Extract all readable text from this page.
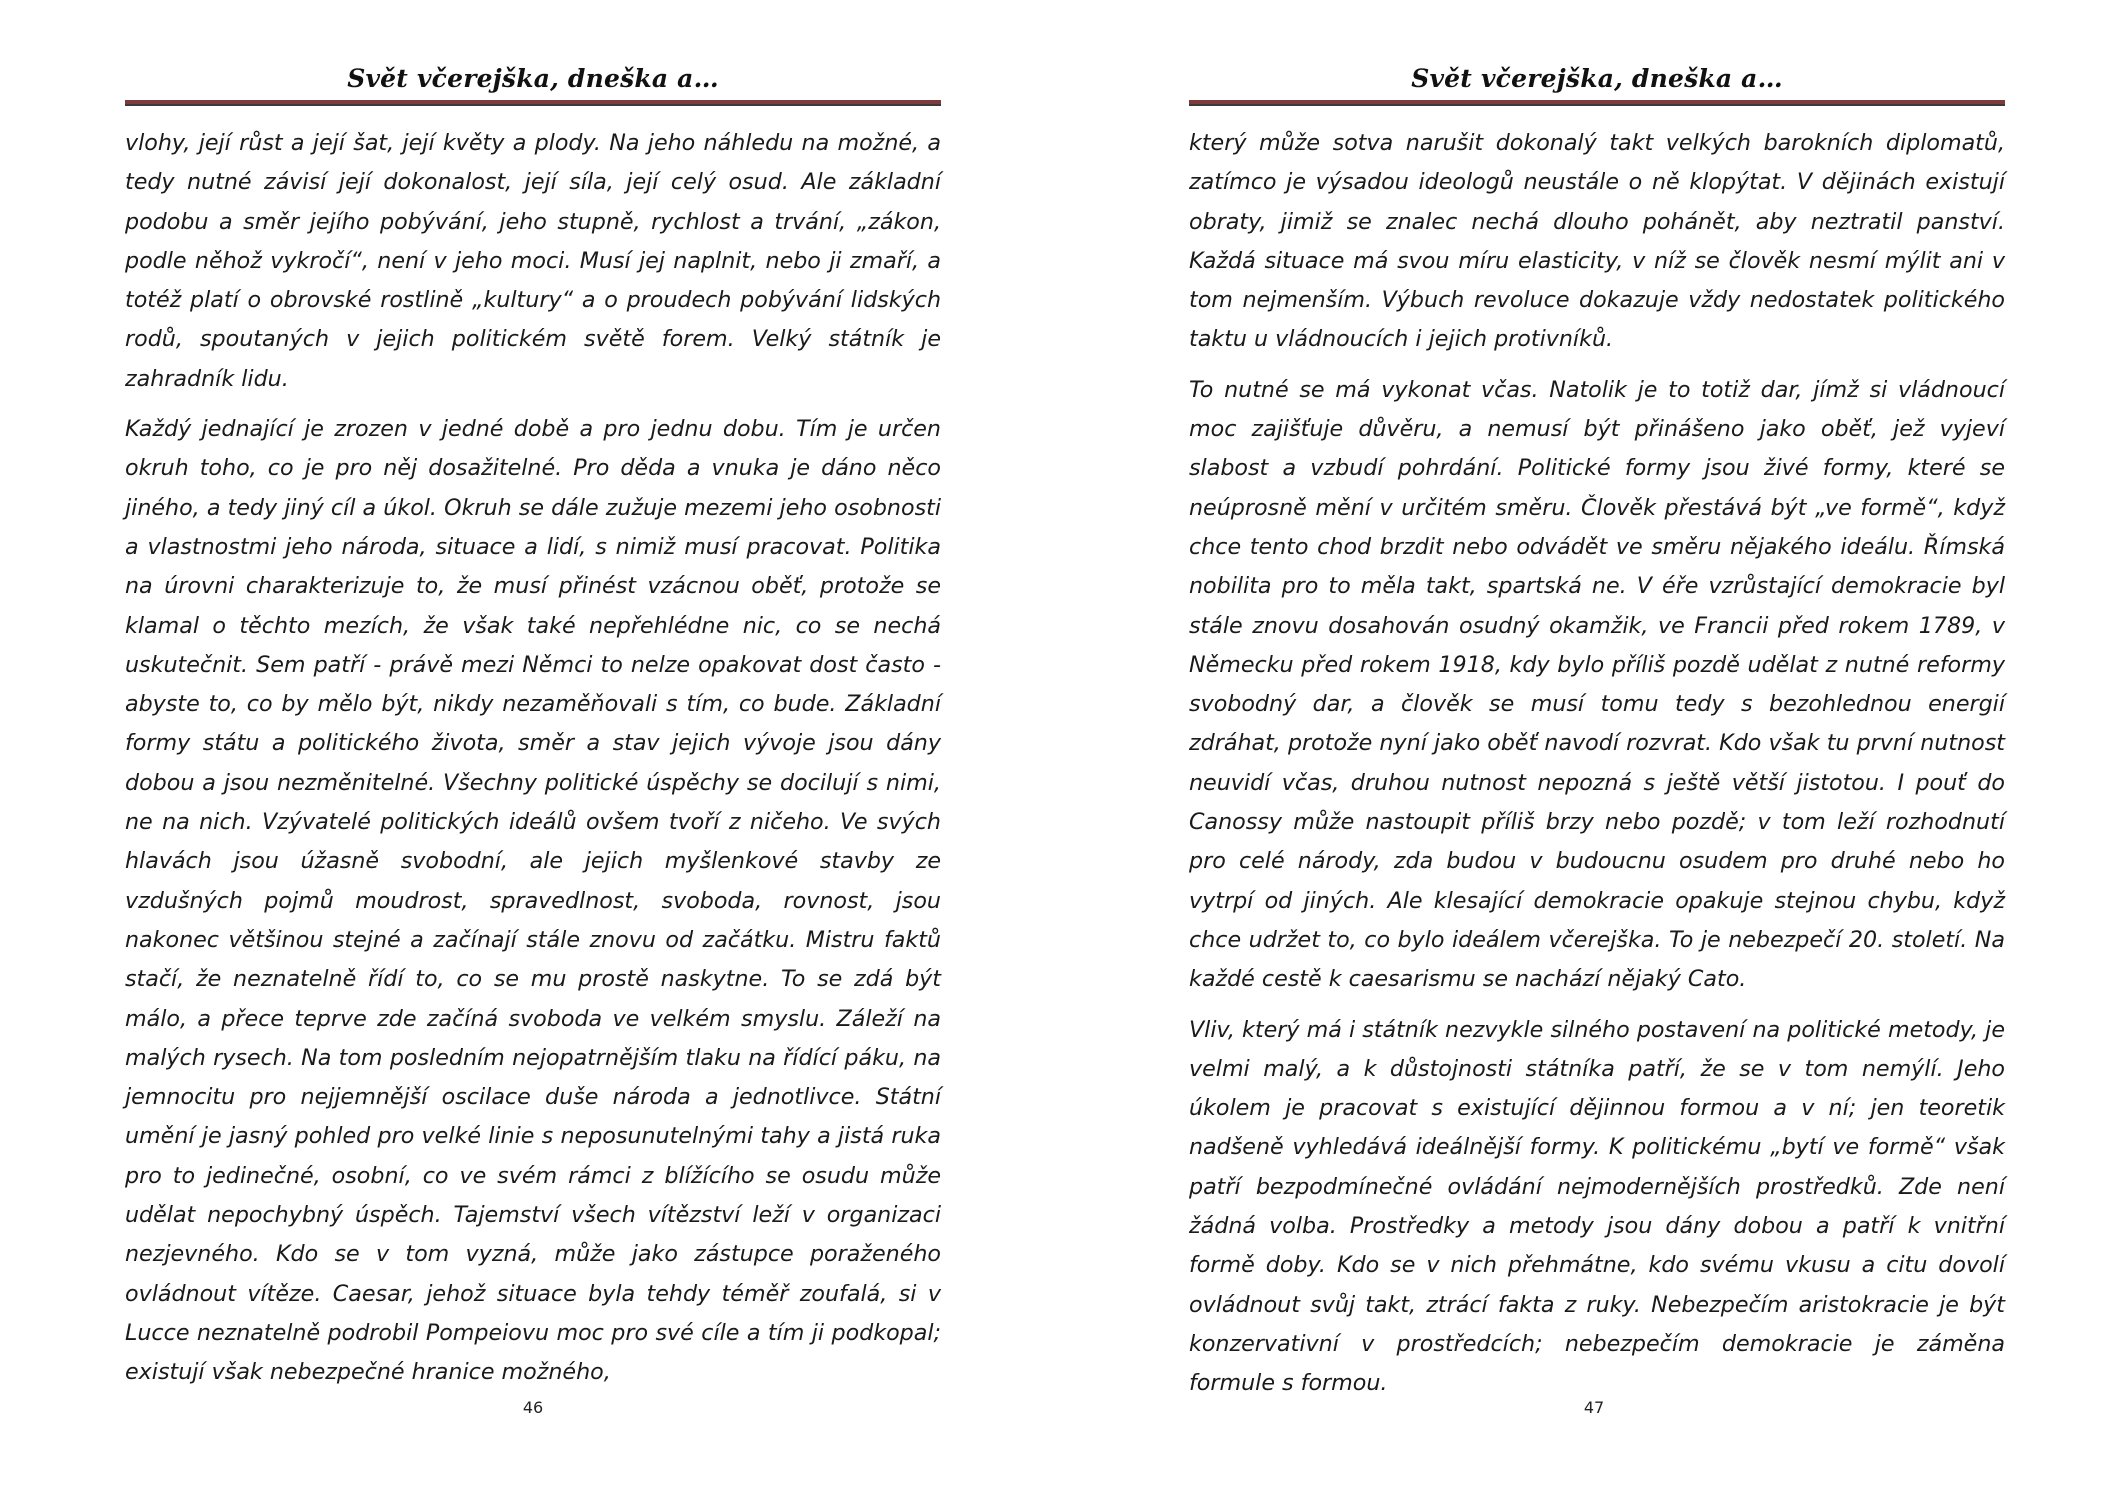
Svět včerejška, dneška a…

vlohy, její růst a její šat, její květy a plody. Na jeho náhledu na možné, a tedy nutné závisí její dokonalost, její síla, její celý osud. Ale základní podobu a směr jejího pobývání, jeho stupně, rychlost a trvání, „zákon, podle něhož vykročí“, není v jeho moci. Musí jej naplnit, nebo ji zmaří, a totéž platí o obrovské rostlině „kultury“ a o proudech pobývání lidských rodů, spoutaných v jejich politickém světě forem. Velký státník je zahradník lidu.

Každý jednající je zrozen v jedné době a pro jednu dobu. Tím je určen okruh toho, co je pro něj dosažitelné. Pro děda a vnuka je dáno něco jiného, a tedy jiný cíl a úkol. Okruh se dále zužuje mezemi jeho osobnosti a vlastnostmi jeho národa, situace a lidí, s nimiž musí pracovat. Politika na úrovni charakterizuje to, že musí přinést vzácnou oběť, protože se klamal o těchto mezích, že však také nepřehlédne nic, co se nechá uskutečnit. Sem patří - právě mezi Němci to nelze opakovat dost často - abyste to, co by mělo být, nikdy nezaměňovali s tím, co bude. Základní formy státu a politického života, směr a stav jejich vývoje jsou dány dobou a jsou nezměnitelné. Všechny politické úspěchy se docilují s nimi, ne na nich. Vzývatelé politických ideálů ovšem tvoří z ničeho. Ve svých hlavách jsou úžasně svobodní, ale jejich myšlenkové stavby ze vzdušných pojmů moudrost, spravedlnost, svoboda, rovnost, jsou nakonec většinou stejné a začínají stále znovu od začátku. Mistru faktů stačí, že neznatelně řídí to, co se mu prostě naskytne. To se zdá být málo, a přece teprve zde začíná svoboda ve velkém smyslu. Záleží na malých rysech. Na tom posledním nejopatrnějším tlaku na řídící páku, na jemnocitu pro nejjemnější oscilace duše národa a jednotlivce. Státní umění je jasný pohled pro velké linie s neposunutelnými tahy a jistá ruka pro to jedinečné, osobní, co ve svém rámci z blížícího se osudu může udělat nepochybný úspěch. Tajemství všech vítězství leží v organizaci nezjevného. Kdo se v tom vyzná, může jako zástupce poraženého ovládnout vítěze. Caesar, jehož situace byla tehdy téměř zoufalá, si v Lucce neznatelně podrobil Pompeiovu moc pro své cíle a tím ji podkopal; existují však nebezpečné hranice možného,

46
Svět včerejška, dneška a…

který může sotva narušit dokonalý takt velkých barokních diplomatů, zatímco je výsadou ideologů neustále o ně klopýtat. V dějinách existují obraty, jimiž se znalec nechá dlouho pohánět, aby neztratil panství. Každá situace má svou míru elasticity, v níž se člověk nesmí mýlit ani v tom nejmenším. Výbuch revoluce dokazuje vždy nedostatek politického taktu u vládnoucích i jejich protivníků.

To nutné se má vykonat včas. Natolik je to totiž dar, jímž si vládnoucí moc zajišťuje důvěru, a nemusí být přinášeno jako oběť, jež vyjeví slabost a vzbudí pohrdání. Politické formy jsou živé formy, které se neúprosně mění v určitém směru. Člověk přestává být „ve formě“, když chce tento chod brzdit nebo odvádět ve směru nějakého ideálu. Římská nobilita pro to měla takt, spartská ne. V éře vzrůstající demokracie byl stále znovu dosahován osudný okamžik, ve Francii před rokem 1789, v Německu před rokem 1918, kdy bylo příliš pozdě udělat z nutné reformy svobodný dar, a člověk se musí tomu tedy s bezohlednou energií zdráhat, protože nyní jako oběť navodí rozvrat. Kdo však tu první nutnost neuvidí včas, druhou nutnost nepozná s ještě větší jistotou. I pouť do Canossy může nastoupit příliš brzy nebo pozdě; v tom leží rozhodnutí pro celé národy, zda budou v budoucnu osudem pro druhé nebo ho vytrpí od jiných. Ale klesající demokracie opakuje stejnou chybu, když chce udržet to, co bylo ideálem včerejška. To je nebezpečí 20. století. Na každé cestě k caesarismu se nachází nějaký Cato.

Vliv, který má i státník nezvykle silného postavení na politické metody, je velmi malý, a k důstojnosti státníka patří, že se v tom nemýlí. Jeho úkolem je pracovat s existující dějinnou formou a v ní; jen teoretik nadšeně vyhledává ideálnější formy. K politickému „bytí ve formě“ však patří bezpodmínečné ovládání nejmodernějších prostředků. Zde není žádná volba. Prostředky a metody jsou dány dobou a patří k vnitřní formě doby. Kdo se v nich přehmátne, kdo svému vkusu a citu dovolí ovládnout svůj takt, ztrácí fakta z ruky. Nebezpečím aristokracie je být konzervativní v prostředcích; nebezpečím demokracie je záměna formule s formou.

47
